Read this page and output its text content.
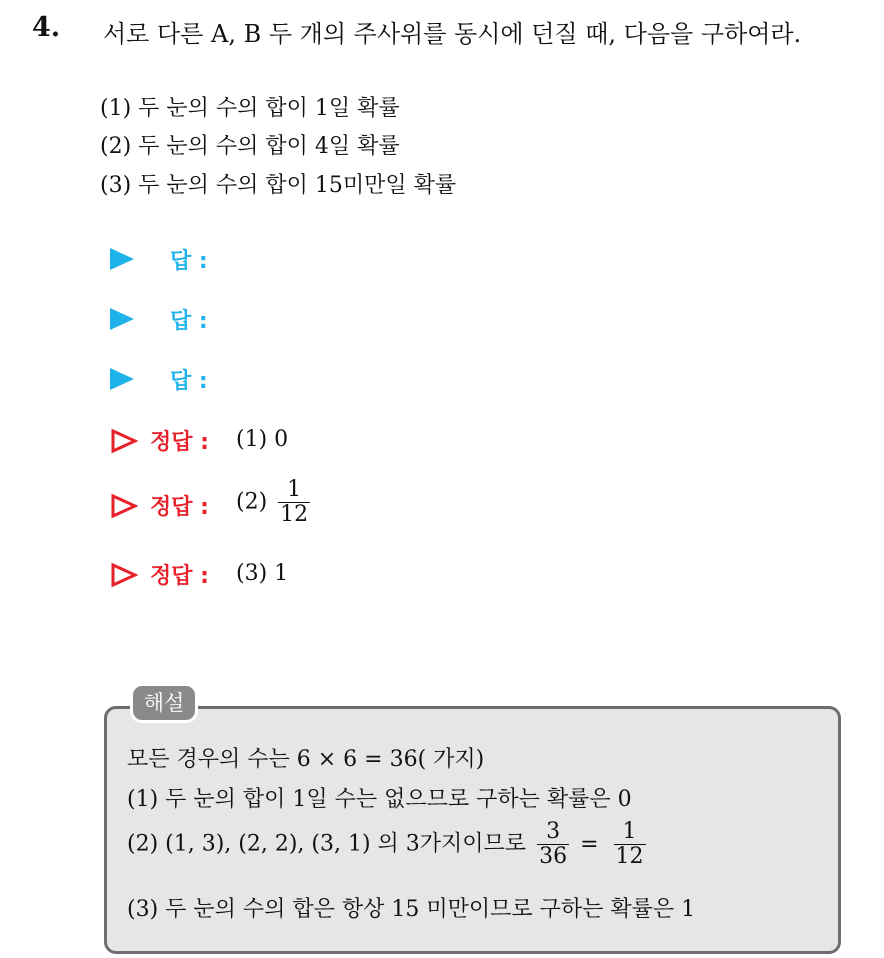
4. 서로 다른 A, B 두 개의 주사위를 동시에 던질 때, 다음을 구하여라.
(1) 두 눈의 수의 합이 1일 확률
(2) 두 눈의 수의 합이 4일 확률
(3) 두 눈의 수의 합이 15미만일 확률
답 :
답 :
답 :
정답 : (1) 0
정답 : $(2) \frac{1}{12}$
정답 : (3) 1
해설
모든 경우의 수는 6 × 6 = 36( 가지)
(1) 두 눈의 합이 1일 수는 없으므로 구하는 확률은 0
(2) (1, 3), (2, 2), (3, 1) 의 3가지이므로 $\frac{3}{36} = \frac{1}{12}$
(3) 두 눈의 수의 합은 항상 15 미만이므로 구하는 확률은 1
